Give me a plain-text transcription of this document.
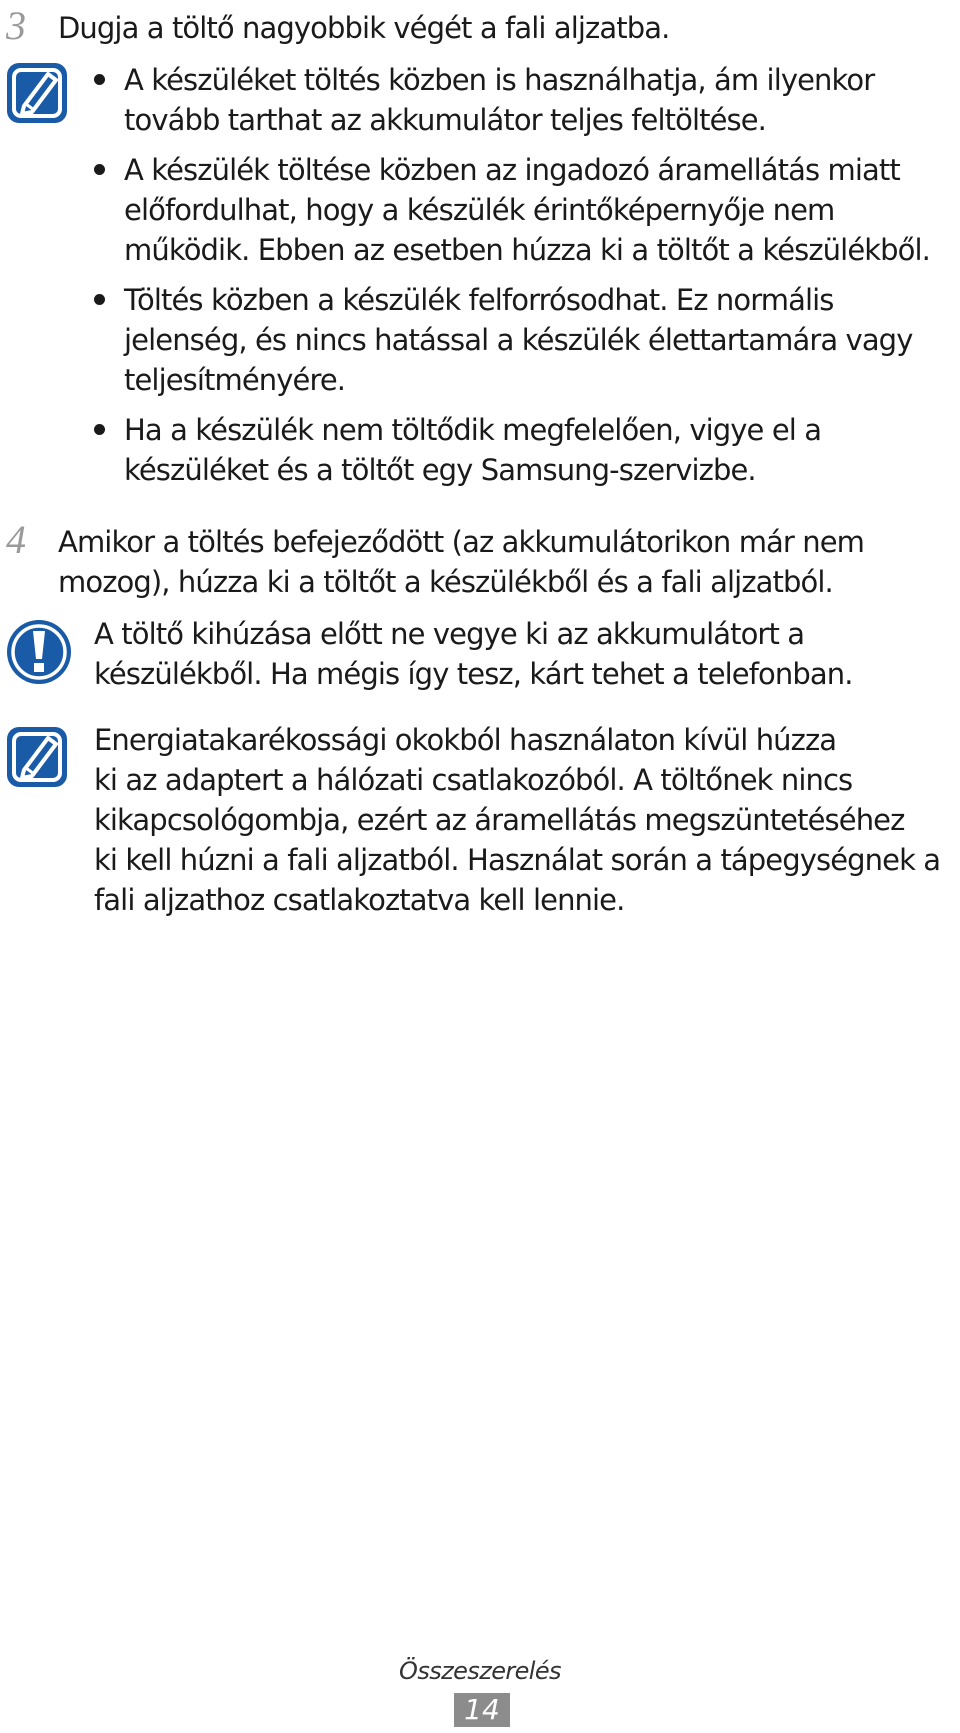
3 Dugja a töltő nagyobbik végét a fali aljzatba.
A készüléket töltés közben is használhatja, ám ilyenkor
tovább tarthat az akkumulátor teljes feltöltése.
A készülék töltése közben az ingadozó áramellátás miatt
előfordulhat, hogy a készülék érintőképernyője nem
működik. Ebben az esetben húzza ki a töltőt a készülékből.
Töltés közben a készülék felforrósodhat. Ez normális
jelenség, és nincs hatással a készülék élettartamára vagy
teljesítményére.
Ha a készülék nem töltődik megfelelően, vigye el a
készüléket és a töltőt egy Samsung-szervizbe.
4 Amikor a töltés befejeződött (az akkumulátorikon már nem
mozog), húzza ki a töltőt a készülékből és a fali aljzatból.
A töltő kihúzása előtt ne vegye ki az akkumulátort a
készülékből. Ha mégis így tesz, kárt tehet a telefonban.
Energiatakarékossági okokból használaton kívül húzza
ki az adaptert a hálózati csatlakozóból. A töltőnek nincs
kikapcsológombja, ezért az áramellátás megszüntetéséhez
ki kell húzni a fali aljzatból. Használat során a tápegységnek a
fali aljzathoz csatlakoztatva kell lennie.
Összeszerelés
14
